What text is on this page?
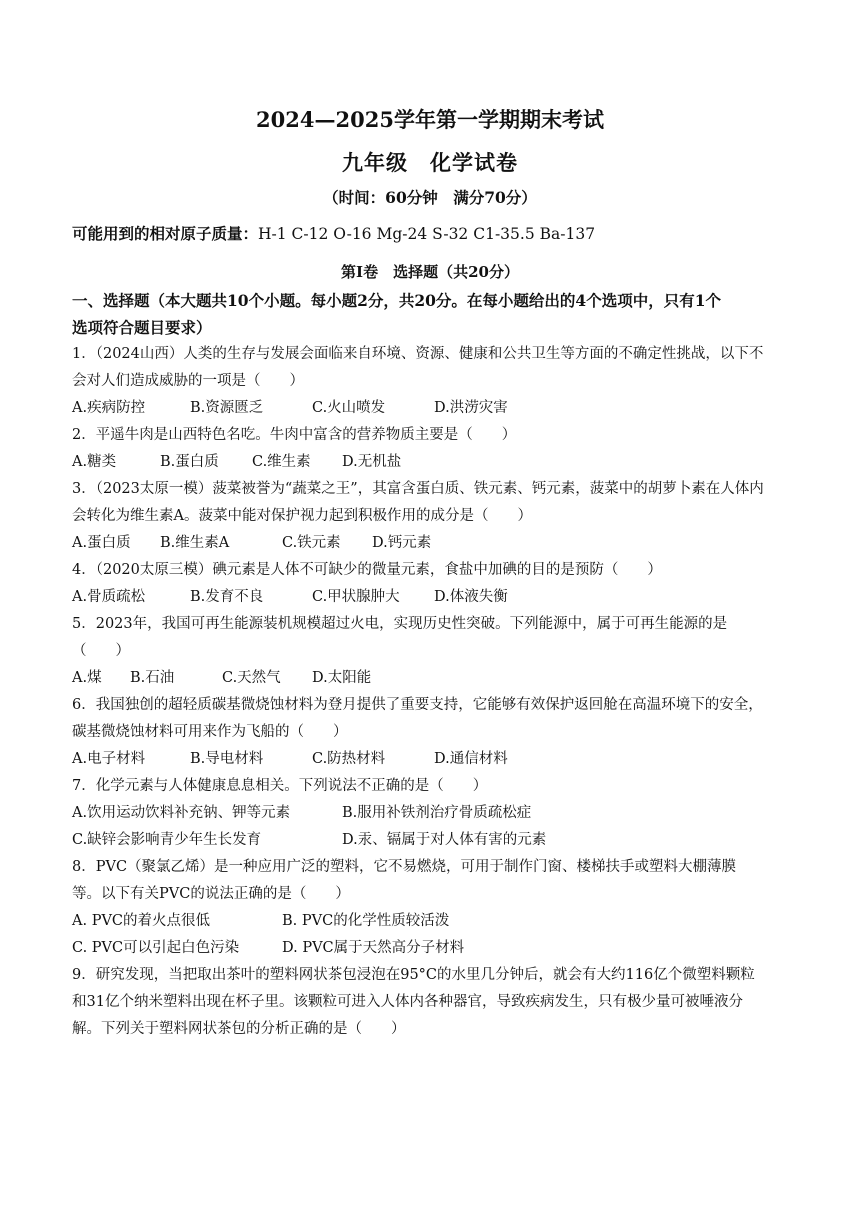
2024—2025学年第一学期期末考试
九年级　化学试卷
（时间：60分钟　满分70分）
可能用到的相对原子质量：H-1 C-12 O-16 Mg-24 S-32 C1-35.5 Ba-137
第I卷　选择题（共20分）
一、选择题（本大题共10个小题。每小题2分，共20分。在每小题给出的4个选项中，只有1个
选项符合题目要求）
1．（2024山西）人类的生存与发展会面临来自环境、资源、健康和公共卫生等方面的不确定性挑战，以下不
会对人们造成威胁的一项是（　　）
A.疾病防控	B.资源匮乏	C.火山喷发	D.洪涝灾害
2．平遥牛肉是山西特色名吃。牛肉中富含的营养物质主要是（　　）
A.糖类	B.蛋白质 C.维生素 D.无机盐
3．（2023太原一模）菠菜被誉为“蔬菜之王”，其富含蛋白质、铁元素、钙元素，菠菜中的胡萝卜素在人体内
会转化为维生素A。菠菜中能对保护视力起到积极作用的成分是（　　）
A.蛋白质 B.维生素A	C.铁元素 D.钙元素
4．（2020太原三模）碘元素是人体不可缺少的微量元素，食盐中加碘的目的是预防（　　）
A.骨质疏松	B.发育不良	C.甲状腺肿大 D.体液失衡
5．2023年，我国可再生能源装机规模超过火电，实现历史性突破。下列能源中，属于可再生能源的是
（　　）
A.煤 B.石油	C.天然气 D.太阳能
6．我国独创的超轻质碳基微烧蚀材料为登月提供了重要支持，它能够有效保护返回舱在高温环境下的安全，
碳基微烧蚀材料可用来作为飞船的（　　）
A.电子材料	B.导电材料	C.防热材料	D.通信材料
7．化学元素与人体健康息息相关。下列说法不正确的是（　　）
A.饮用运动饮料补充钠、钾等元素	B.服用补铁剂治疗骨质疏松症
C.缺锌会影响青少年生长发育	D.汞、镉属于对人体有害的元素
8．PVC（聚氯乙烯）是一种应用广泛的塑料，它不易燃烧，可用于制作门窗、楼梯扶手或塑料大棚薄膜
等。以下有关PVC的说法正确的是（　　）
A. PVC的着火点很低	B. PVC的化学性质较活泼
C. PVC可以引起白色污染	D. PVC属于天然高分子材料
9．研究发现，当把取出茶叶的塑料网状茶包浸泡在95°C的水里几分钟后，就会有大约116亿个微塑料颗粒
和31亿个纳米塑料出现在杯子里。该颗粒可进入人体内各种器官，导致疾病发生，只有极少量可被唾液分
解。下列关于塑料网状茶包的分析正确的是（　　）
